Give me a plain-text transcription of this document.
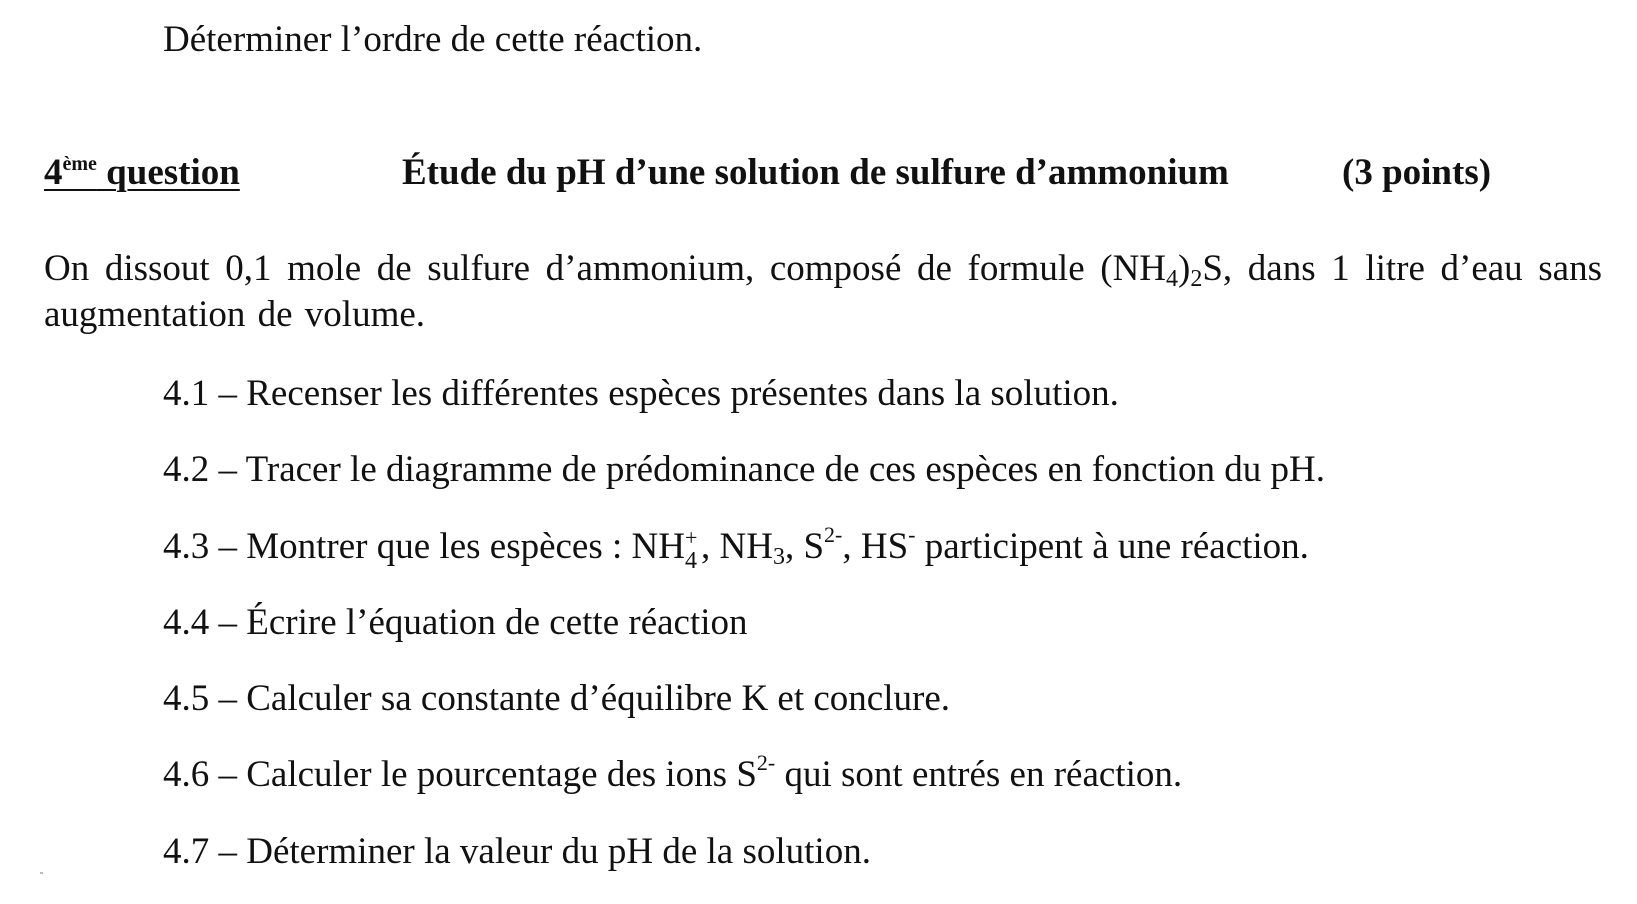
Déterminer l’ordre de cette réaction.
4ème question	Étude du pH d’une solution de sulfure d’ammonium	(3 points)
On dissout 0,1 mole de sulfure d’ammonium, composé de formule $(NH_4)_2S$, dans 1 litre d’eau sans augmentation de volume.
4.1 – Recenser les différentes espèces présentes dans la solution.
4.2 – Tracer le diagramme de prédominance de ces espèces en fonction du pH.
4.3 – Montrer que les espèces : NH +
4 , $NH_3$, $S^{2-}$, HS- participent à une réaction.
4.4 – Écrire l’équation de cette réaction
4.5 – Calculer sa constante d’équilibre K et conclure.
4.6 – Calculer le pourcentage des ions $S^{2-}$ qui sont entrés en réaction.
4.7 – Déterminer la valeur du pH de la solution.
